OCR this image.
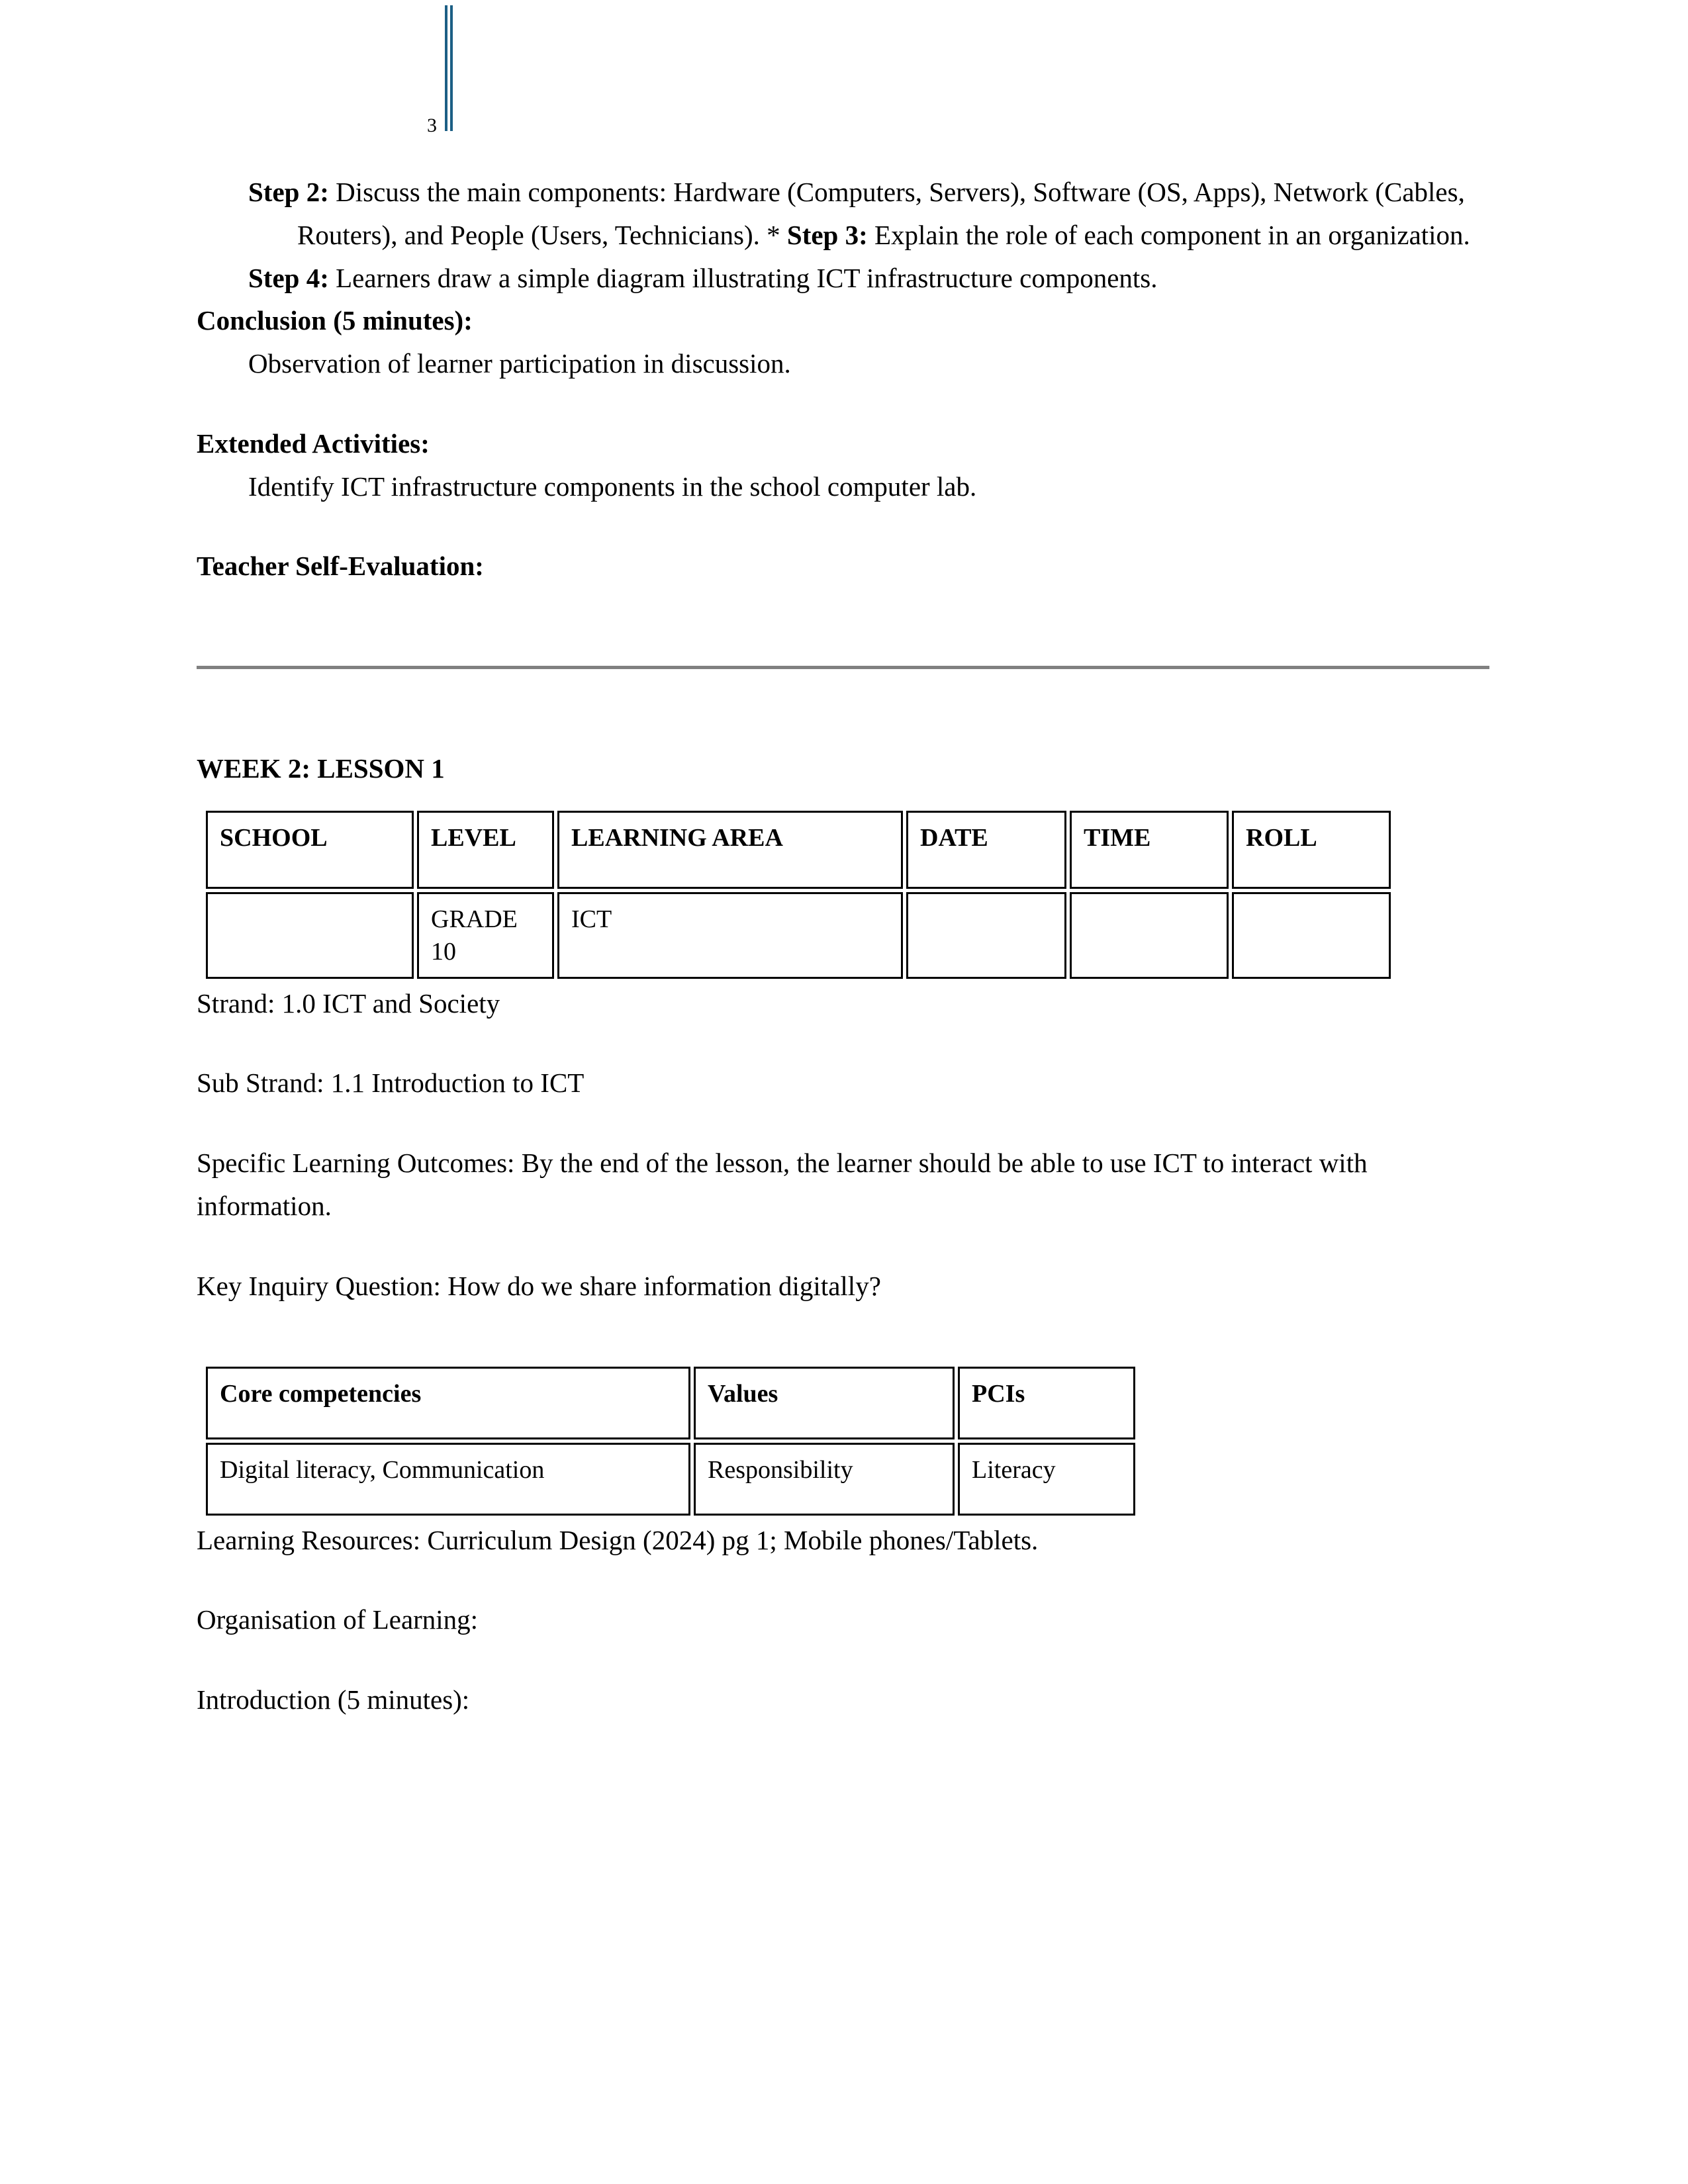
3

Step 2: Discuss the main components: Hardware (Computers, Servers), Software (OS, Apps), Network (Cables, Routers), and People (Users, Technicians). * Step 3: Explain the role of each component in an organization.

Step 4: Learners draw a simple diagram illustrating ICT infrastructure components.

Conclusion (5 minutes):

Observation of learner participation in discussion.

Extended Activities:

Identify ICT infrastructure components in the school computer lab.

Teacher Self-Evaluation:

WEEK 2: LESSON 1

SCHOOL	LEVEL	LEARNING AREA	DATE	TIME	ROLL
	GRADE 10	ICT			

Strand: 1.0 ICT and Society

Sub Strand: 1.1 Introduction to ICT

Specific Learning Outcomes: By the end of the lesson, the learner should be able to use ICT to interact with information.

Key Inquiry Question: How do we share information digitally?

Core competencies	Values	PCIs
Digital literacy, Communication	Responsibility	Literacy

Learning Resources: Curriculum Design (2024) pg 1; Mobile phones/Tablets.

Organisation of Learning:

Introduction (5 minutes):
